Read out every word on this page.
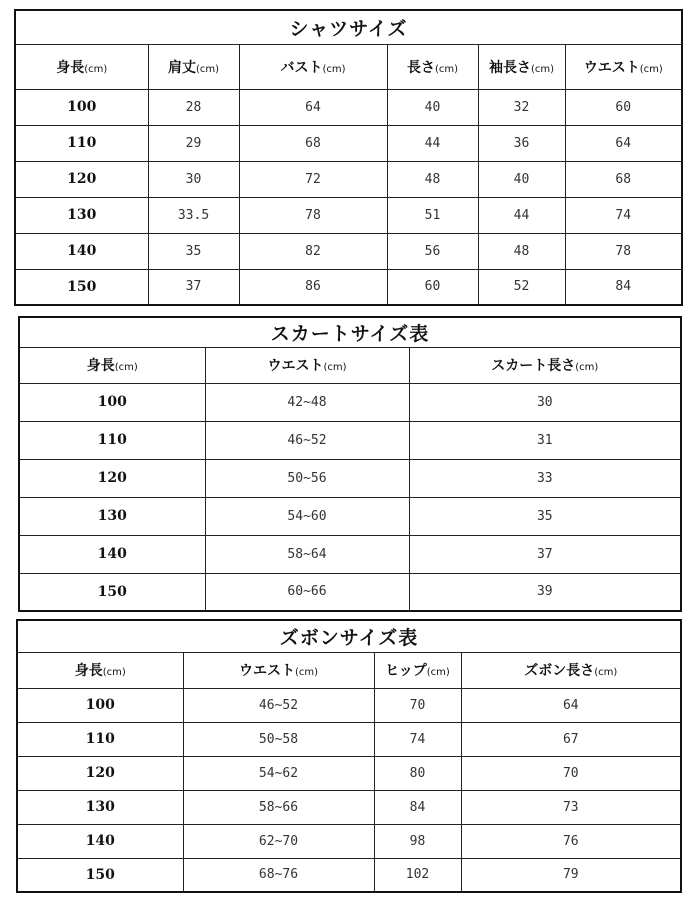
シャツサイズ					
身長(cm)	肩丈(cm)	バスト(cm)	長さ(cm)	袖長さ(cm)	ウエスト(cm)
100	28	64	40	32	60
110	29	68	44	36	64
120	30	72	48	40	68
130	33.5	78	51	44	74
140	35	82	56	48	78
150	37	86	60	52	84
スカートサイズ表		
身長(cm)	ウエスト(cm)	スカート長さ(cm)
100	42~48	30
110	46~52	31
120	50~56	33
130	54~60	35
140	58~64	37
150	60~66	39
ズボンサイズ表			
身長(cm)	ウエスト(cm)	ヒップ(cm)	ズボン長さ(cm)
100	46~52	70	64
110	50~58	74	67
120	54~62	80	70
130	58~66	84	73
140	62~70	98	76
150	68~76	102	79
